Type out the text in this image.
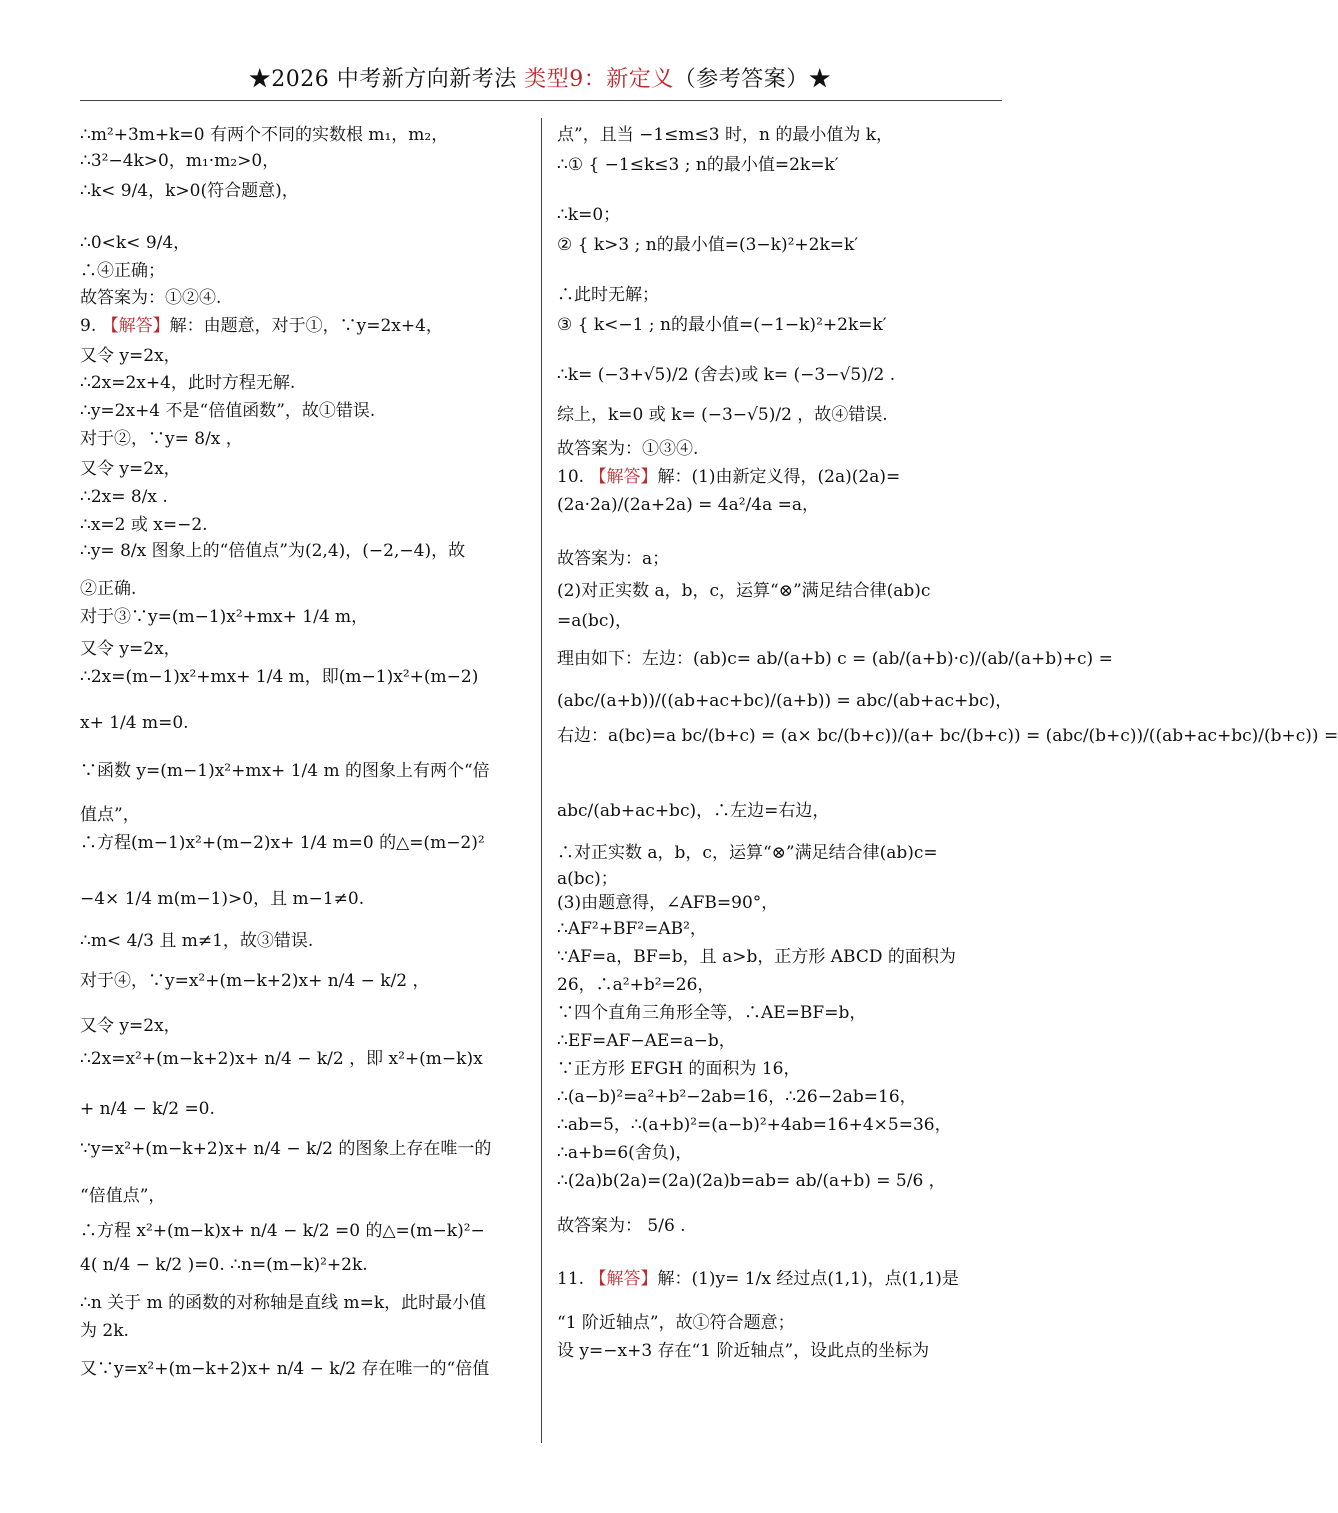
★2026 中考新方向新考法 类型9：新定义（参考答案）★
∴m²+3m+k=0 有两个不同的实数根 m₁，m₂，
∴3²−4k>0，m₁·m₂>0，
∴k< 9/4，k>0(符合题意)，
∴0<k< 9/4，
∴④正确；
故答案为：①②④.
9. 【解答】解：由题意，对于①，∵y=2x+4，
又令 y=2x，
∴2x=2x+4，此时方程无解.
∴y=2x+4 不是“倍值函数”，故①错误.
对于②，∵y= 8/x ，
又令 y=2x，
∴2x= 8/x .
∴x=2 或 x=−2.
∴y= 8/x 图象上的“倍值点”为(2,4)，(−2,−4)，故
②正确.
对于③∵y=(m−1)x²+mx+ 1/4 m，
又令 y=2x，
∴2x=(m−1)x²+mx+ 1/4 m，即(m−1)x²+(m−2)
x+ 1/4 m=0.
∵函数 y=(m−1)x²+mx+ 1/4 m 的图象上有两个“倍
值点”，
∴方程(m−1)x²+(m−2)x+ 1/4 m=0 的△=(m−2)²
−4× 1/4 m(m−1)>0，且 m−1≠0.
∴m< 4/3 且 m≠1，故③错误.
对于④，∵y=x²+(m−k+2)x+ n/4 − k/2 ，
又令 y=2x，
∴2x=x²+(m−k+2)x+ n/4 − k/2 ，即 x²+(m−k)x
+ n/4 − k/2 =0.
∵y=x²+(m−k+2)x+ n/4 − k/2 的图象上存在唯一的
“倍值点”，
∴方程 x²+(m−k)x+ n/4 − k/2 =0 的△=(m−k)²−
4( n/4 − k/2 )=0. ∴n=(m−k)²+2k.
∴n 关于 m 的函数的对称轴是直线 m=k，此时最小值
为 2k.
又∵y=x²+(m−k+2)x+ n/4 − k/2 存在唯一的“倍值
点”，且当 −1≤m≤3 时，n 的最小值为 k，
∴① { −1≤k≤3 ; n的最小值=2k=k′
∴k=0；
② { k>3 ; n的最小值=(3−k)²+2k=k′
∴此时无解；
③ { k<−1 ; n的最小值=(−1−k)²+2k=k′
∴k= (−3+√5)/2 (舍去)或 k= (−3−√5)/2 .
综上，k=0 或 k= (−3−√5)/2 ，故④错误.
故答案为：①③④.
10. 【解答】解：(1)由新定义得，(2a)(2a)=
(2a·2a)/(2a+2a) = 4a²/4a =a，
故答案为：a；
(2)对正实数 a，b，c，运算“⊗”满足结合律(ab)c
=a(bc)，
理由如下：左边：(ab)c= ab/(a+b) c = (ab/(a+b)·c)/(ab/(a+b)+c) =
(abc/(a+b))/((ab+ac+bc)/(a+b)) = abc/(ab+ac+bc)，
右边：a(bc)=a bc/(b+c) = (a× bc/(b+c))/(a+ bc/(b+c)) = (abc/(b+c))/((ab+ac+bc)/(b+c)) =
abc/(ab+ac+bc)，∴左边=右边，
∴对正实数 a，b，c，运算“⊗”满足结合律(ab)c=
a(bc)；
(3)由题意得，∠AFB=90°，
∴AF²+BF²=AB²，
∵AF=a，BF=b，且 a>b，正方形 ABCD 的面积为
26，∴a²+b²=26，
∵四个直角三角形全等，∴AE=BF=b，
∴EF=AF−AE=a−b，
∵正方形 EFGH 的面积为 16，
∴(a−b)²=a²+b²−2ab=16，∴26−2ab=16，
∴ab=5，∴(a+b)²=(a−b)²+4ab=16+4×5=36，
∴a+b=6(舍负)，
∴(2a)b(2a)=(2a)(2a)b=ab= ab/(a+b) = 5/6 ，
故答案为： 5/6 .
11. 【解答】解：(1)y= 1/x 经过点(1,1)，点(1,1)是
“1 阶近轴点”，故①符合题意；
设 y=−x+3 存在“1 阶近轴点”，设此点的坐标为
